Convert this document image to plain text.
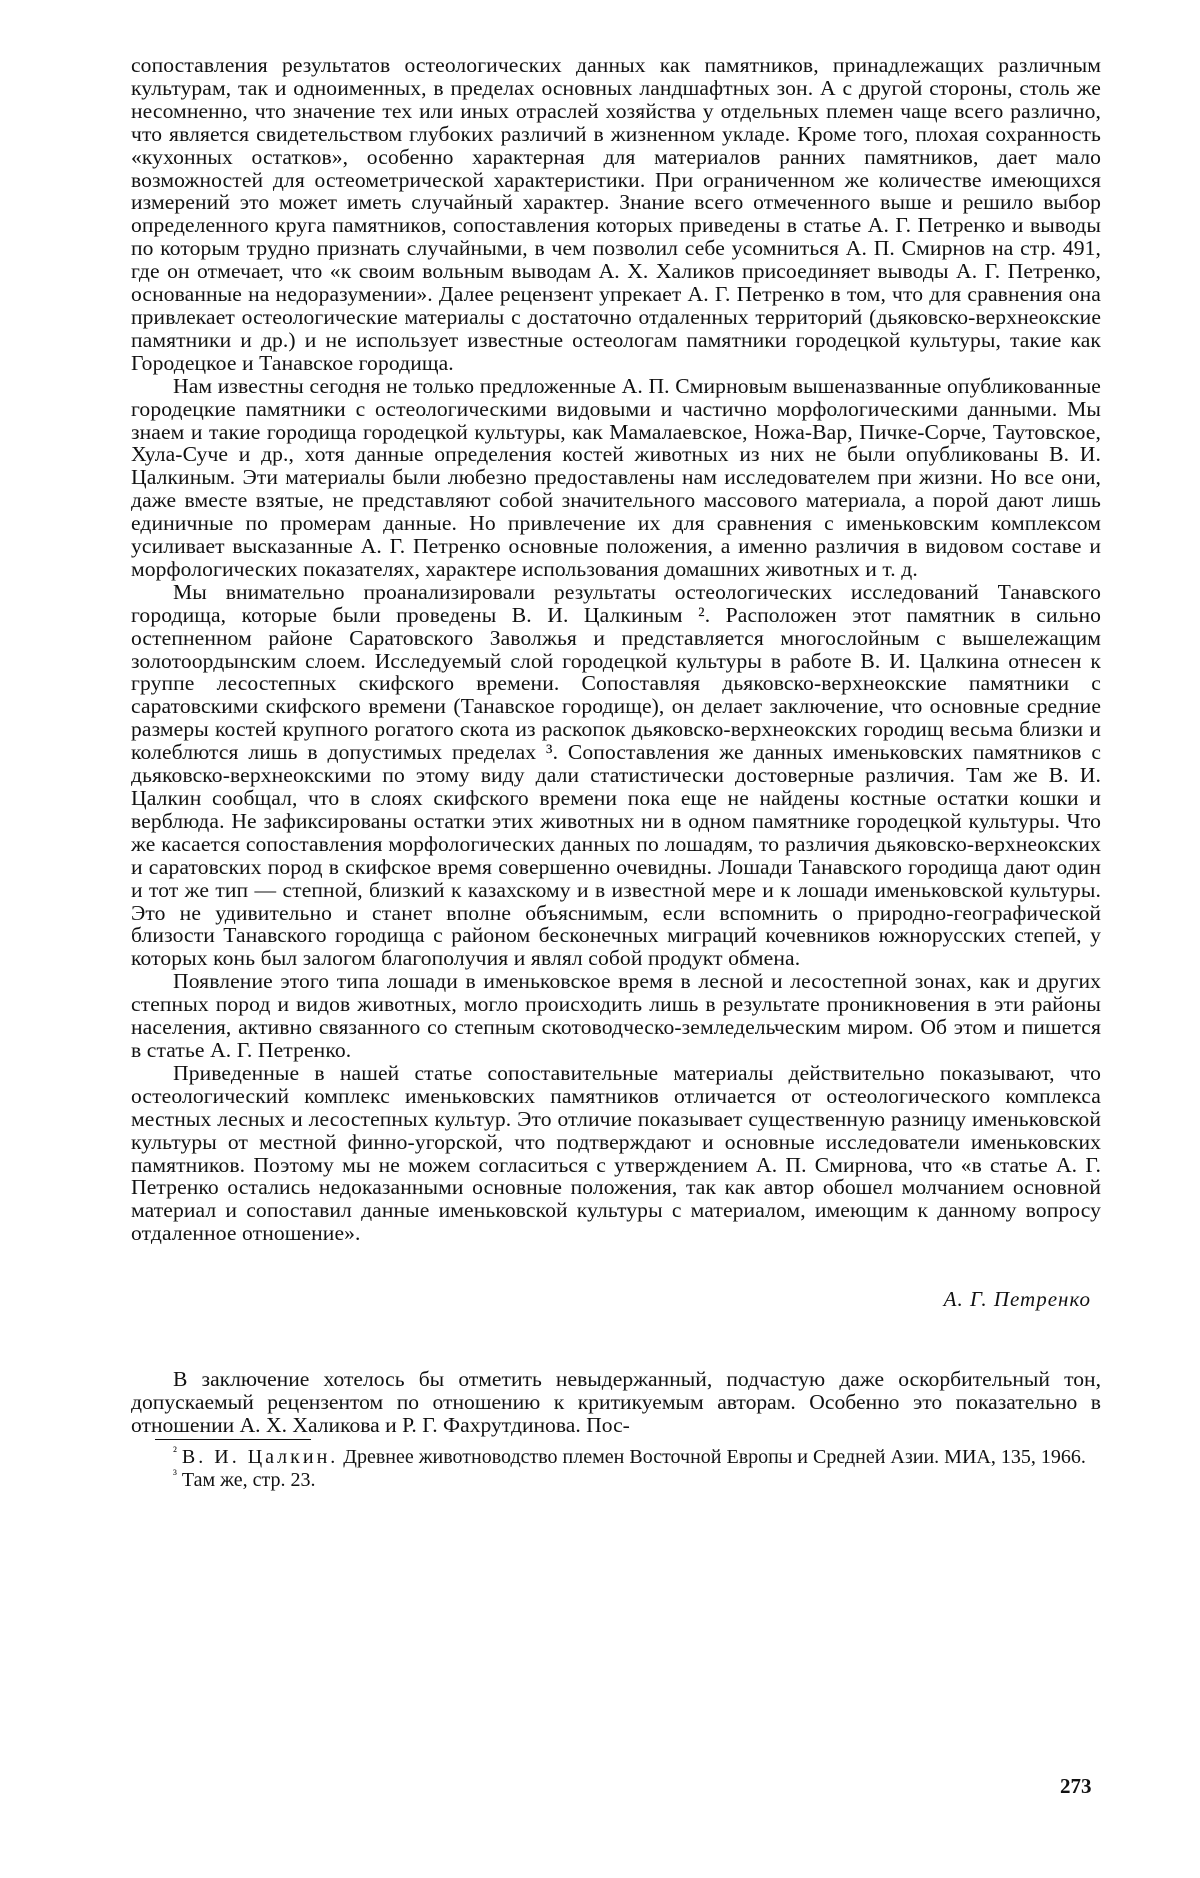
сопоставления результатов остеологических данных как памятников, принадлежащих различным культурам, так и одноименных, в пределах основных ландшафтных зон. А с другой стороны, столь же несомненно, что значение тех или иных отраслей хозяйства у отдельных племен чаще всего различно, что является свидетельством глубоких различий в жизненном укладе. Кроме того, плохая сохранность «кухонных остатков», особенно характерная для материалов ранних памятников, дает мало возможностей для остеометрической характеристики. При ограниченном же количестве имеющихся измерений это может иметь случайный характер. Знание всего отмеченного выше и решило выбор определенного круга памятников, сопоставления которых приведены в статье А. Г. Петренко и выводы по которым трудно признать случайными, в чем позволил себе усомниться А. П. Смирнов на стр. 491, где он отмечает, что «к своим вольным выводам А. Х. Халиков присоединяет выводы А. Г. Петренко, основанные на недоразумении». Далее рецензент упрекает А. Г. Петренко в том, что для сравнения она привлекает остеологические материалы с достаточно отдаленных территорий (дьяковско-верхнеокские памятники и др.) и не использует известные остеологам памятники городецкой культуры, такие как Городецкое и Танавское городища.

Нам известны сегодня не только предложенные А. П. Смирновым вышеназванные опубликованные городецкие памятники с остеологическими видовыми и частично морфологическими данными. Мы знаем и такие городища городецкой культуры, как Мамалаевское, Ножа-Вар, Пичке-Сорче, Таутовское, Хула-Суче и др., хотя данные определения костей животных из них не были опубликованы В. И. Цалкиным. Эти материалы были любезно предоставлены нам исследователем при жизни. Но все они, даже вместе взятые, не представляют собой значительного массового материала, а порой дают лишь единичные по промерам данные. Но привлечение их для сравнения с именьковским комплексом усиливает высказанные А. Г. Петренко основные положения, а именно различия в видовом составе и морфологических показателях, характере использования домашних животных и т. д.

Мы внимательно проанализировали результаты остеологических исследований Танавского городища, которые были проведены В. И. Цалкиным ². Расположен этот памятник в сильно остепненном районе Саратовского Заволжья и представляется многослойным с вышележащим золотоордынским слоем. Исследуемый слой городецкой культуры в работе В. И. Цалкина отнесен к группе лесостепных скифского времени. Сопоставляя дьяковско-верхнеокские памятники с саратовскими скифского времени (Танавское городище), он делает заключение, что основные средние размеры костей крупного рогатого скота из раскопок дьяковско-верхнеокских городищ весьма близки и колеблются лишь в допустимых пределах ³. Сопоставления же данных именьковских памятников с дьяковско-верхнеокскими по этому виду дали статистически достоверные различия. Там же В. И. Цалкин сообщал, что в слоях скифского времени пока еще не найдены костные остатки кошки и верблюда. Не зафиксированы остатки этих животных ни в одном памятнике городецкой культуры. Что же касается сопоставления морфологических данных по лошадям, то различия дьяковско-верхнеокских и саратовских пород в скифское время совершенно очевидны. Лошади Танавского городища дают один и тот же тип — степной, близкий к казахскому и в известной мере и к лошади именьковской культуры. Это не удивительно и станет вполне объяснимым, если вспомнить о природно-географической близости Танавского городища с районом бесконечных миграций кочевников южнорусских степей, у которых конь был залогом благополучия и являл собой продукт обмена.

Появление этого типа лошади в именьковское время в лесной и лесостепной зонах, как и других степных пород и видов животных, могло происходить лишь в результате проникновения в эти районы населения, активно связанного со степным скотоводческо-земледельческим миром. Об этом и пишется в статье А. Г. Петренко.

Приведенные в нашей статье сопоставительные материалы действительно показывают, что остеологический комплекс именьковских памятников отличается от остеологического комплекса местных лесных и лесостепных культур. Это отличие показывает существенную разницу именьковской культуры от местной финно-угорской, что подтверждают и основные исследователи именьковских памятников. Поэтому мы не можем согласиться с утверждением А. П. Смирнова, что «в статье А. Г. Петренко остались недоказанными основные положения, так как автор обошел молчанием основной материал и сопоставил данные именьковской культуры с материалом, имеющим к данному вопросу отдаленное отношение».

А. Г. Петренко

В заключение хотелось бы отметить невыдержанный, подчастую даже оскорбительный тон, допускаемый рецензентом по отношению к критикуемым авторам. Особенно это показательно в отношении А. Х. Халикова и Р. Г. Фахрутдинова. Пос-

$^{^2}$ В. И. Цалкин. Древнее животноводство племен Восточной Европы и Средней Азии. МИА, 135, 1966.

$^{^3}$ Там же, стр. 23.

273
